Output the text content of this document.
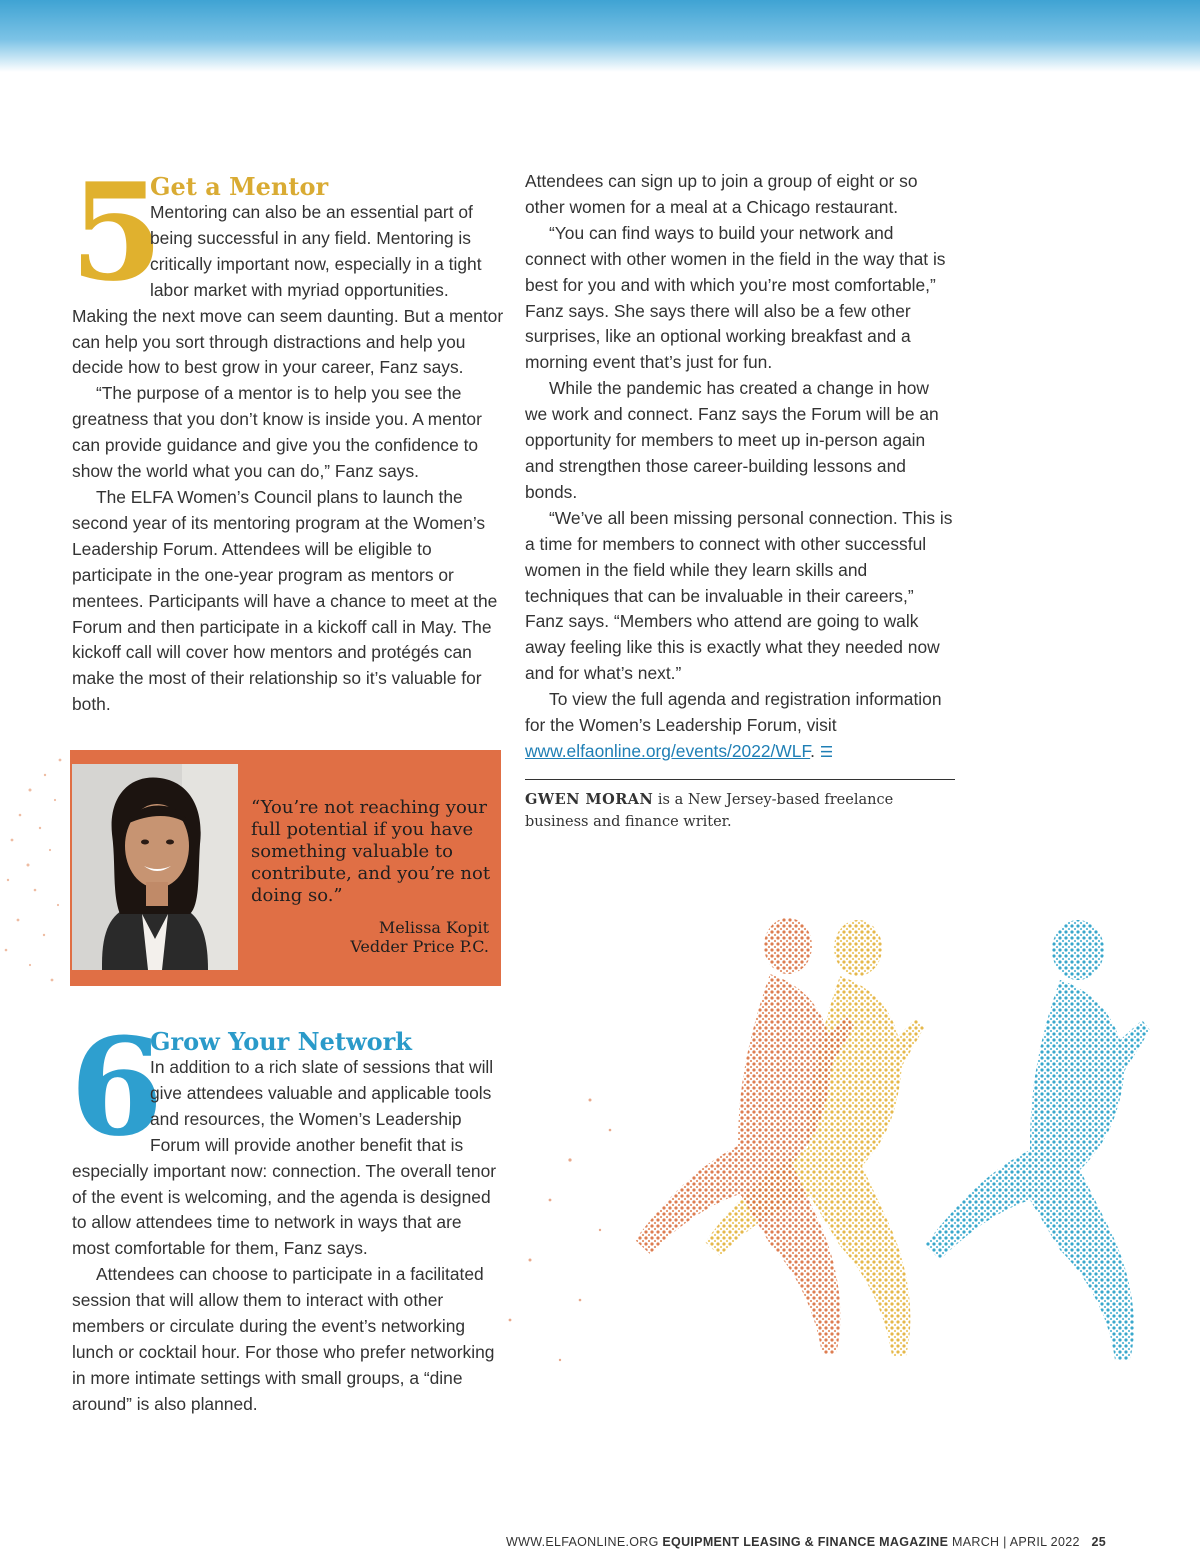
5
Get a Mentor

Mentoring can also be an essential part of being successful in any field. Mentoring is critically important now, especially in a tight labor market with myriad opportunities. Making the next move can seem daunting. But a mentor can help you sort through distractions and help you decide how to best grow in your career, Fanz says.

“The purpose of a mentor is to help you see the greatness that you don’t know is inside you. A mentor can provide guidance and give you the confidence to show the world what you can do,” Fanz says.

The ELFA Women’s Council plans to launch the second year of its mentoring program at the Women’s Leadership Forum. Attendees will be eligible to participate in the one-year program as mentors or mentees. Participants will have a chance to meet at the Forum and then participate in a kickoff call in May. The kickoff call will cover how mentors and protégés can make the most of their relationship so it’s valuable for both.

Attendees can sign up to join a group of eight or so other women for a meal at a Chicago restaurant.

“You can find ways to build your network and connect with other women in the field in the way that is best for you and with which you’re most comfortable,” Fanz says. She says there will also be a few other surprises, like an optional working breakfast and a morning event that’s just for fun.

While the pandemic has created a change in how we work and connect. Fanz says the Forum will be an opportunity for members to meet up in-person again and strengthen those career-building lessons and bonds.

“We’ve all been missing personal connection. This is a time for members to connect with other successful women in the field while they learn skills and techniques that can be invaluable in their careers,” Fanz says. “Members who attend are going to walk away feeling like this is exactly what they needed now and for what’s next.”

To view the full agenda and registration information for the Women’s Leadership Forum, visit www.elfaonline.org/events/2022/WLF. ☰

GWEN MORAN is a New Jersey-based freelance business and finance writer.
“You’re not reaching your full potential if you have something valuable to contribute, and you’re not doing so.”
Melissa Kopit
Vedder Price P.C.
6
Grow Your Network

In addition to a rich slate of sessions that will give attendees valuable and applicable tools and resources, the Women’s Leadership Forum will provide another benefit that is especially important now: connection. The overall tenor of the event is welcoming, and the agenda is designed to allow attendees time to network in ways that are most comfortable for them, Fanz says.

Attendees can choose to participate in a facilitated session that will allow them to interact with other members or circulate during the event’s networking lunch or cocktail hour. For those who prefer networking in more intimate settings with small groups, a “dine around” is also planned.

WWW.ELFAONLINE.ORG EQUIPMENT LEASING & FINANCE MAGAZINE MARCH | APRIL 2022 25
